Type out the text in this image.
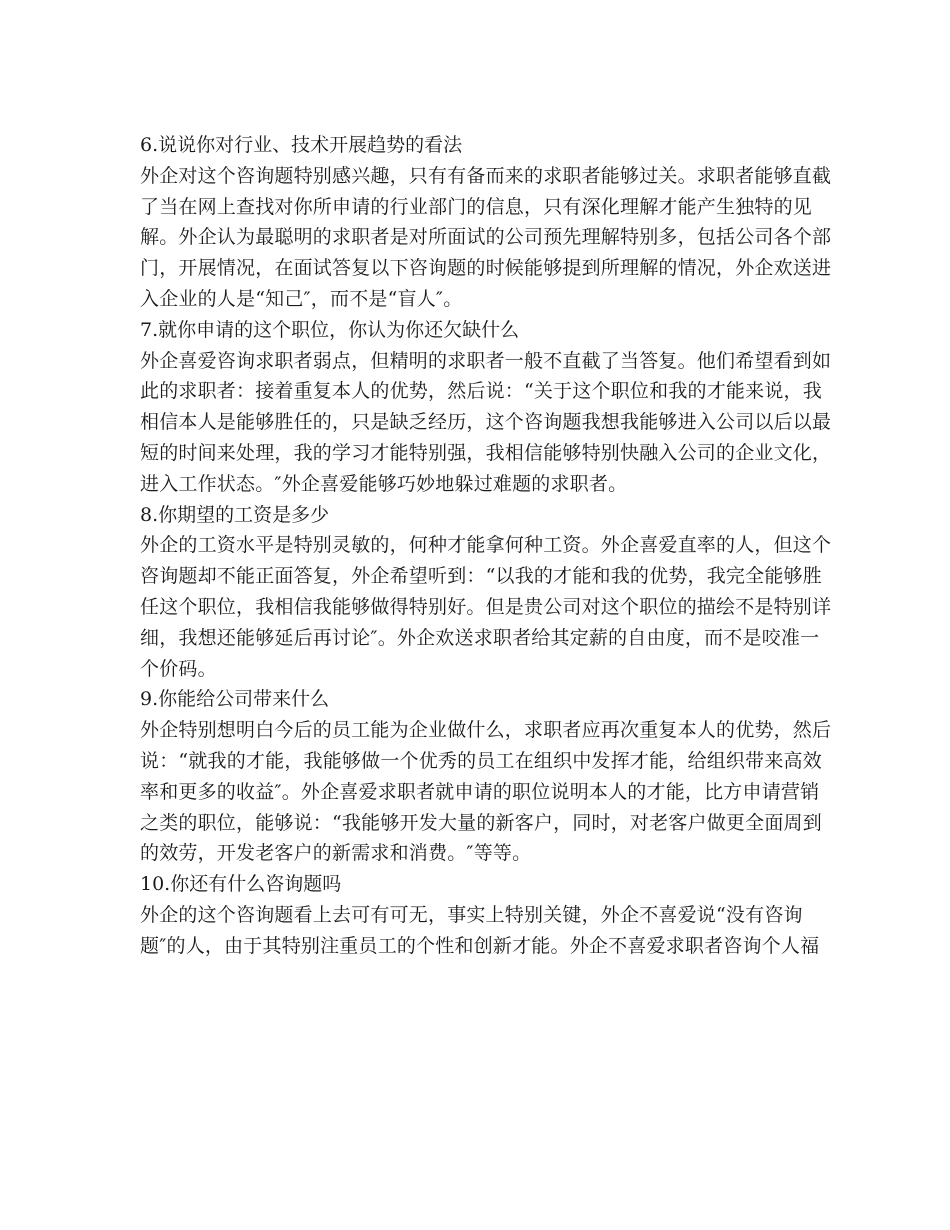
6.说说你对行业、技术开展趋势的看法
外企对这个咨询题特别感兴趣，只有有备而来的求职者能够过关。求职者能够直截
了当在网上查找对你所申请的行业部门的信息，只有深化理解才能产生独特的见
解。外企认为最聪明的求职者是对所面试的公司预先理解特别多，包括公司各个部
门，开展情况，在面试答复以下咨询题的时候能够提到所理解的情况，外企欢送进
入企业的人是“知己″，而不是“盲人″。
7.就你申请的这个职位，你认为你还欠缺什么
外企喜爱咨询求职者弱点，但精明的求职者一般不直截了当答复。他们希望看到如
此的求职者：接着重复本人的优势，然后说：“关于这个职位和我的才能来说，我
相信本人是能够胜任的，只是缺乏经历，这个咨询题我想我能够进入公司以后以最
短的时间来处理，我的学习才能特别强，我相信能够特别快融入公司的企业文化，
进入工作状态。″外企喜爱能够巧妙地躲过难题的求职者。
8.你期望的工资是多少
外企的工资水平是特别灵敏的，何种才能拿何种工资。外企喜爱直率的人，但这个
咨询题却不能正面答复，外企希望听到：“以我的才能和我的优势，我完全能够胜
任这个职位，我相信我能够做得特别好。但是贵公司对这个职位的描绘不是特别详
细，我想还能够延后再讨论″。外企欢送求职者给其定薪的自由度，而不是咬准一
个价码。
9.你能给公司带来什么
外企特别想明白今后的员工能为企业做什么，求职者应再次重复本人的优势，然后
说：“就我的才能，我能够做一个优秀的员工在组织中发挥才能，给组织带来高效
率和更多的收益″。外企喜爱求职者就申请的职位说明本人的才能，比方申请营销
之类的职位，能够说：“我能够开发大量的新客户，同时，对老客户做更全面周到
的效劳，开发老客户的新需求和消费。″等等。
10.你还有什么咨询题吗
外企的这个咨询题看上去可有可无，事实上特别关键，外企不喜爱说“没有咨询
题″的人，由于其特别注重员工的个性和创新才能。外企不喜爱求职者咨询个人福
